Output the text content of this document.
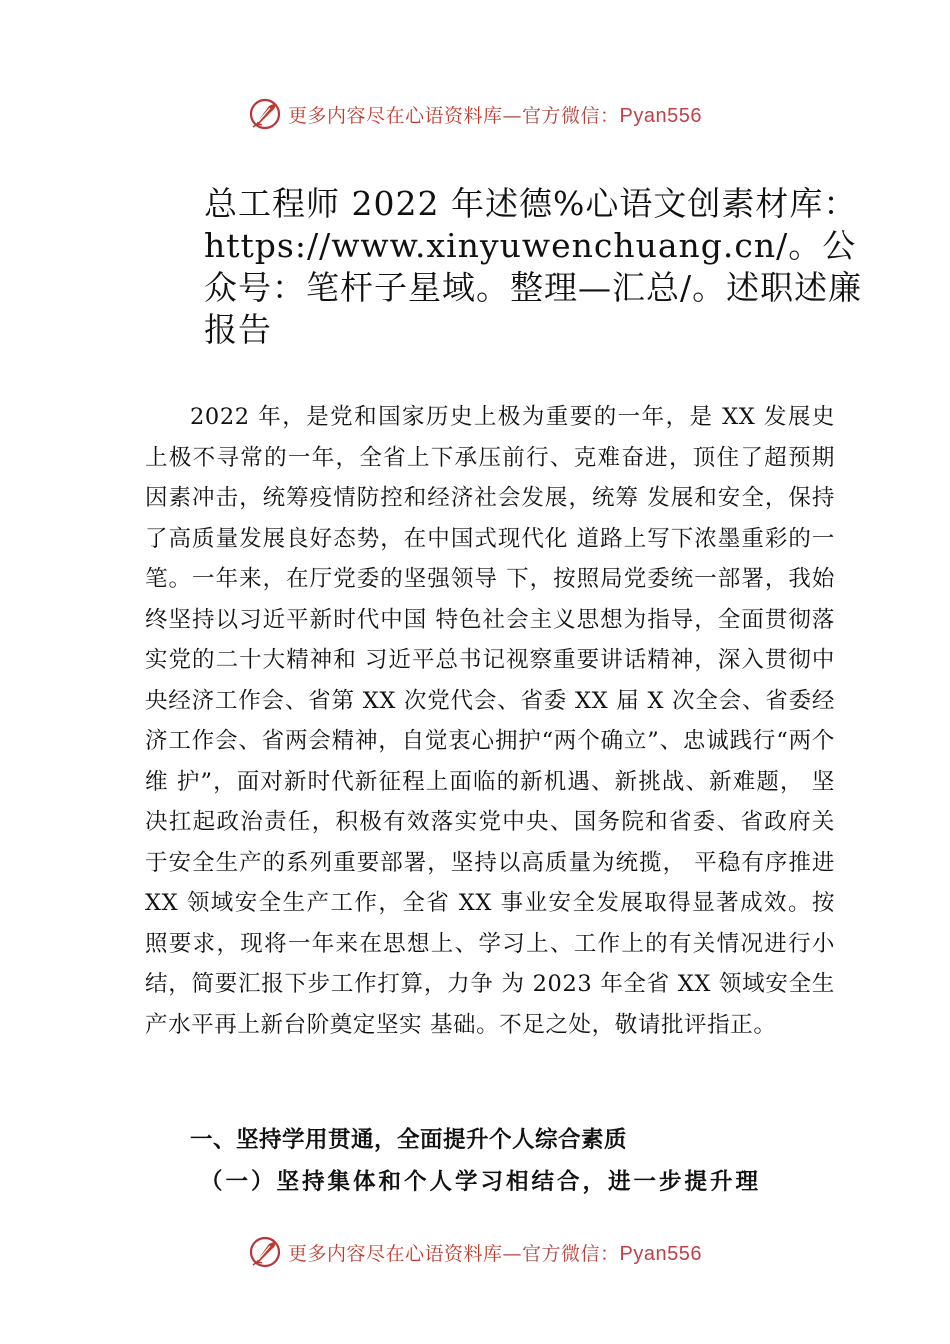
更多内容尽在心语资料库—官方微信：Pyan556
总工程师 2022 年述德%心语文创素材库：https://www.xinyuwenchuang.cn/。公众号：笔杆子星域。整理—汇总/。述职述廉报告

2022 年，是党和国家历史上极为重要的一年，是 XX 发展史上极不寻常的一年，全省上下承压前行、克难奋进，顶住了超预期因素冲击，统筹疫情防控和经济社会发展，统筹 发展和安全，保持了高质量发展良好态势，在中国式现代化 道路上写下浓墨重彩的一笔。一年来，在厅党委的坚强领导 下，按照局党委统一部署，我始终坚持以习近平新时代中国 特色社会主义思想为指导，全面贯彻落实党的二十大精神和 习近平总书记视察重要讲话精神，深入贯彻中央经济工作会、省第 XX 次党代会、省委 XX 届 X 次全会、省委经济工作会、省两会精神，自觉衷心拥护“两个确立”、忠诚践行“两个维 护”，面对新时代新征程上面临的新机遇、新挑战、新难题， 坚决扛起政治责任，积极有效落实党中央、国务院和省委、省政府关于安全生产的系列重要部署，坚持以高质量为统揽， 平稳有序推进 XX 领域安全生产工作，全省 XX 事业安全发展取得显著成效。按照要求，现将一年来在思想上、学习上、工作上的有关情况进行小结，简要汇报下步工作打算，力争 为 2023 年全省 XX 领域安全生产水平再上新台阶奠定坚实 基础。不足之处，敬请批评指正。

一、坚持学用贯通，全面提升个人综合素质
（一）坚持集体和个人学习相结合，进一步提升理
更多内容尽在心语资料库—官方微信：Pyan556
